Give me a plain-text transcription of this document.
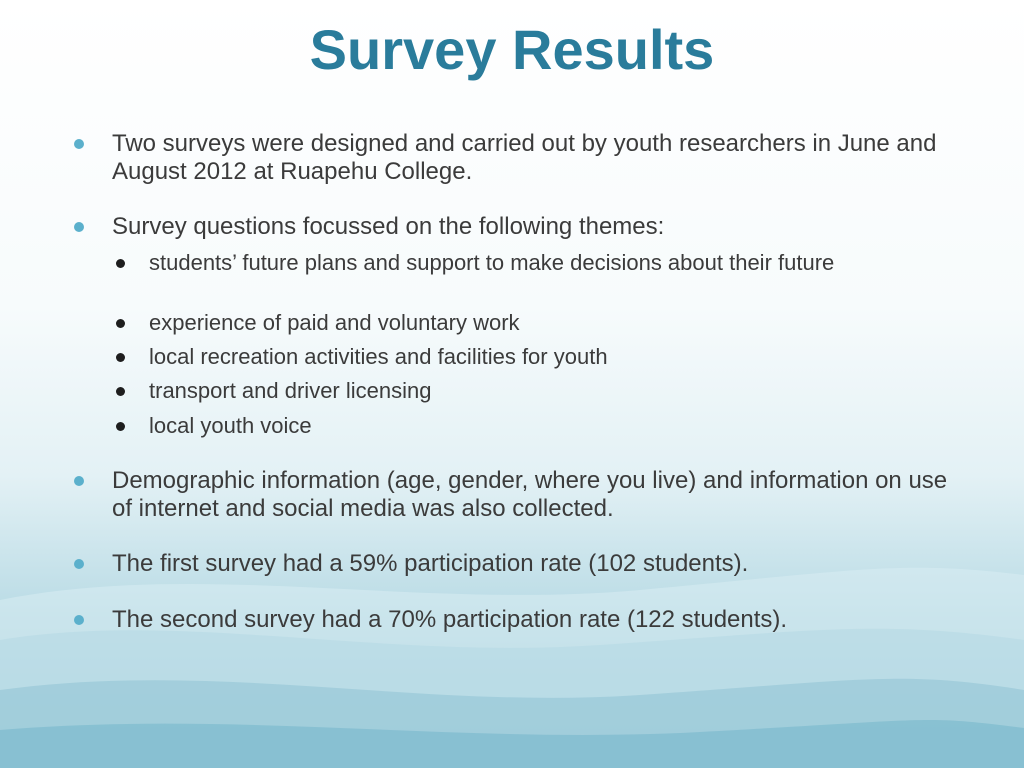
Survey Results
Two surveys were designed and carried out by youth researchers in June and August 2012 at Ruapehu College.
Survey questions focussed on the following themes:
students’ future plans and support to make decisions about their future
experience of paid and voluntary work
local recreation activities and facilities for youth
transport and driver licensing
local youth voice
Demographic information (age, gender, where you live) and information on use of internet and social media was also collected.
The first survey had a 59% participation rate (102 students).
The second survey had a 70% participation rate (122 students).
